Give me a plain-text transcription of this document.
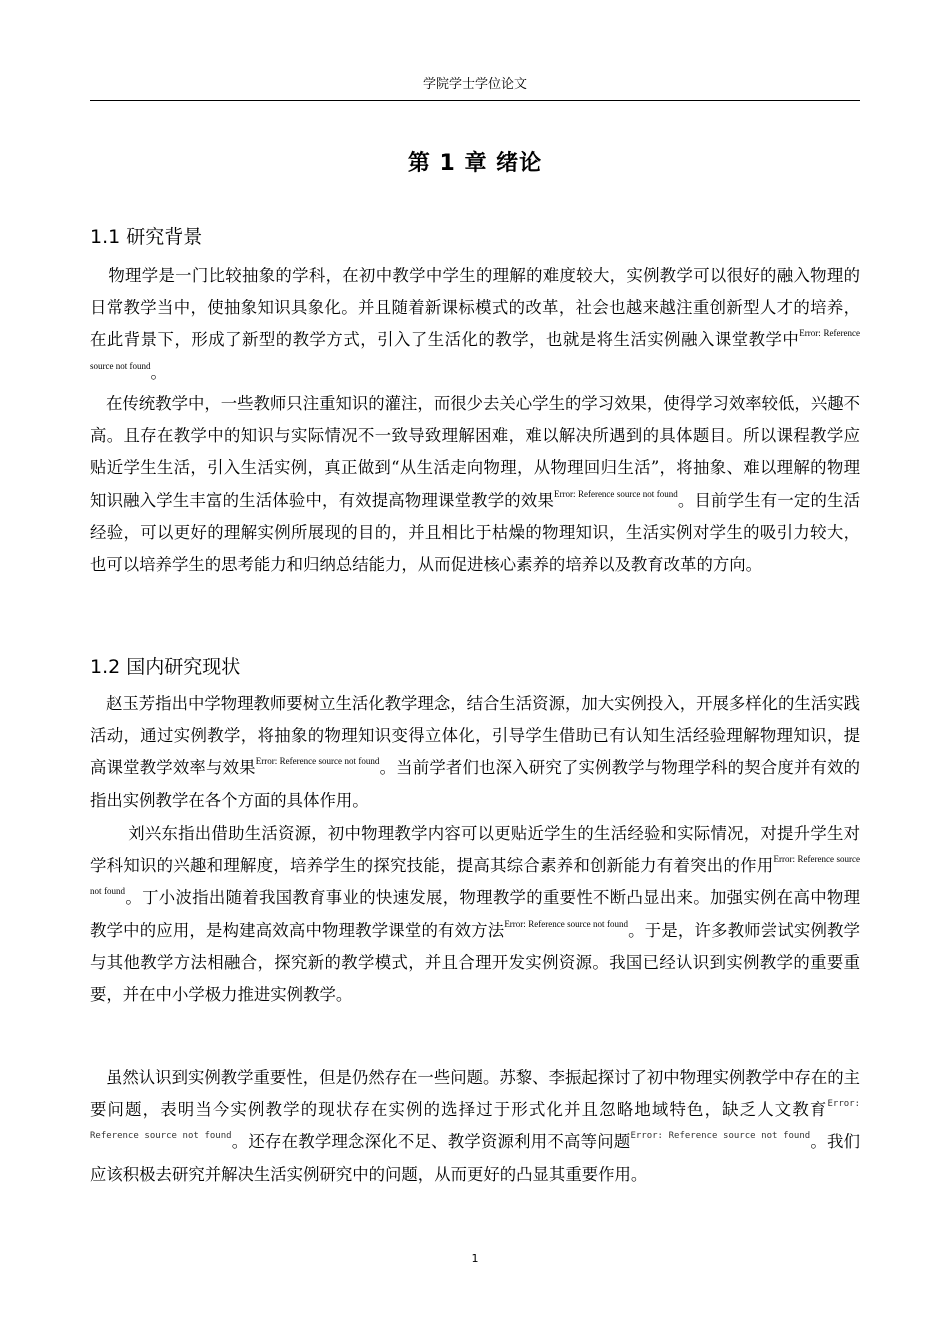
学院学士学位论文
第 1 章 绪论
1.1 研究背景
物理学是一门比较抽象的学科，在初中教学中学生的理解的难度较大，实例教学可以很好的融入物理的日常教学当中，使抽象知识具象化。并且随着新课标模式的改革，社会也越来越注重创新型人才的培养，在此背景下，形成了新型的教学方式，引入了生活化的教学，也就是将生活实例融入课堂教学中$^{Error: Reference source not found}$。
在传统教学中，一些教师只注重知识的灌注，而很少去关心学生的学习效果，使得学习效率较低，兴趣不高。且存在教学中的知识与实际情况不一致导致理解困难，难以解决所遇到的具体题目。所以课程教学应贴近学生生活，引入生活实例，真正做到“从生活走向物理，从物理回归生活”，将抽象、难以理解的物理知识融入学生丰富的生活体验中，有效提高物理课堂教学的效果$^{Error: Reference source not found}$。目前学生有一定的生活经验，可以更好的理解实例所展现的目的，并且相比于枯燥的物理知识，生活实例对学生的吸引力较大，也可以培养学生的思考能力和归纳总结能力，从而促进核心素养的培养以及教育改革的方向。
1.2 国内研究现状
赵玉芳指出中学物理教师要树立生活化教学理念，结合生活资源，加大实例投入，开展多样化的生活实践活动，通过实例教学，将抽象的物理知识变得立体化，引导学生借助已有认知生活经验理解物理知识，提高课堂教学效率与效果$^{Error: Reference source not found}$。当前学者们也深入研究了实例教学与物理学科的契合度并有效的指出实例教学在各个方面的具体作用。
刘兴东指出借助生活资源，初中物理教学内容可以更贴近学生的生活经验和实际情况，对提升学生对学科知识的兴趣和理解度，培养学生的探究技能，提高其综合素养和创新能力有着突出的作用$^{Error: Reference source not found}$。丁小波指出随着我国教育事业的快速发展，物理教学的重要性不断凸显出来。加强实例在高中物理教学中的应用，是构建高效高中物理教学课堂的有效方法$^{Error: Reference source not found}$。于是，许多教师尝试实例教学与其他教学方法相融合，探究新的教学模式，并且合理开发实例资源。我国已经认识到实例教学的重要重要，并在中小学极力推进实例教学。
虽然认识到实例教学重要性，但是仍然存在一些问题。苏黎、李振起探讨了初中物理实例教学中存在的主要问题，表明当今实例教学的现状存在实例的选择过于形式化并且忽略地域特色，缺乏人文教育$^{Error: Reference source not found}$。还存在教学理念深化不足、教学资源利用不高等问题$^{Error: Reference source not found}$。我们应该积极去研究并解决生活实例研究中的问题，从而更好的凸显其重要作用。
1
